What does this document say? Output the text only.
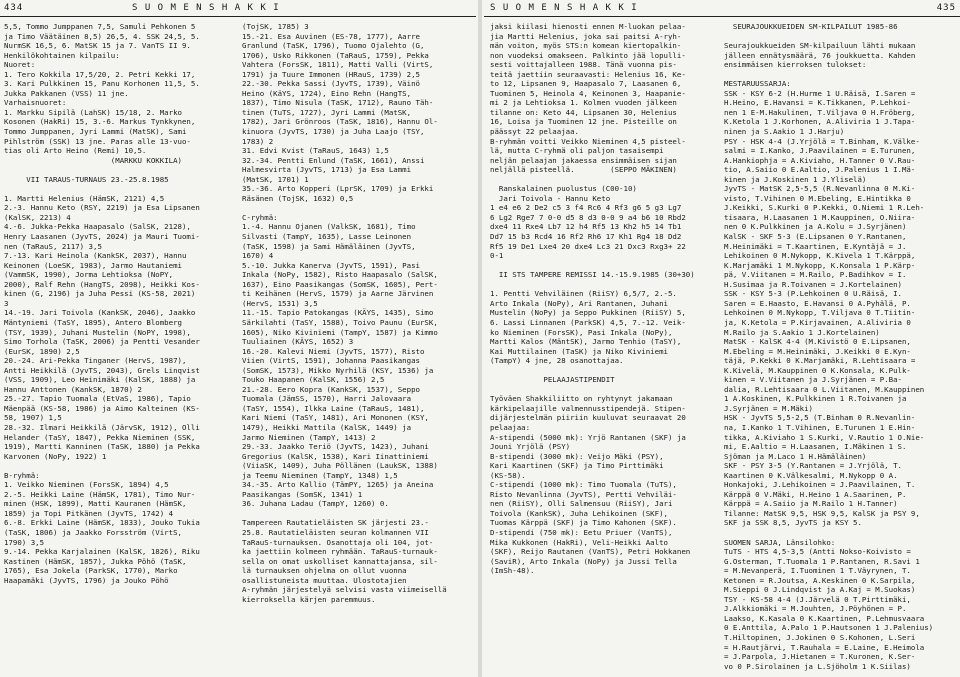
434	S U O M E N S H A K K I	S U O M E N S H A K K I	435

5,5, Tommo Jumppanen 7,5, Samuli Pehkonen 5

ja Timo Väätäinen 8,5) 26,5, 4. SSK 24,5, 5.

NurmSK 16,5, 6. MatSK 15 ja 7. VanTS II 9.

Henkilökohtainen kilpailu:

Nuoret:

1. Tero Kokkila 17,5/20, 2. Petri Kekki 17,

3. Kari Pulkkinen 15, Panu Korhonen 11,5, 5.

Jukka Pakkanen (VSS) 11 jne.

Varhaisnuoret:

1. Markku Sipilä (LahSK) 15/18, 2. Marko

Kosonen (HakRi) 15, 3.-6. Markus Tynkkynen,

Tommo Jumppanen, Jyri Lammi (MatSK), Sami

Pihlström (SSK) 13 jne. Paras alle 13-vuo-

tias oli Arto Heino (Remi) 10,5.

(MARKKU KOKKILA)

VII TARAUS-TURNAUS 23.-25.8.1985

1. Martti Helenius (HämSK, 2121) 4,5

2.-3. Hannu Keto (RSY, 2219) ja Esa Lipsanen

(KalSK, 2213) 4

4.-6. Jukka-Pekka Haapasalo (SalSK, 2128),

Henry Laasanen (JyvTS, 2024) ja Mauri Tuomi-

nen (TaRauS, 2117) 3,5

7.-13. Kari Heinola (KankSK, 2037), Hannu

Keinonen (LoeSK, 1983), Jarmo Hautaniemi

(VammSK, 1990), Jorma Lehtioksa (NoPY,

2000), Ralf Rehn (HangTS, 2098), Heikki Kos-

kinen (G, 2196) ja Juha Pessi (KS-58, 2021)

3

14.-19. Jari Toivola (KankSK, 2046), Jaakko

Mäntyniemi (TaSY, 1895), Antero Blomberg

(TSY, 1939), Juhani Mustelin (NoPY, 1998),

Simo Torhola (TaSK, 2006) ja Pentti Vesander

(EurSK, 1890) 2,5

20.-24. Ari-Pekka Tinganer (HervS, 1987),

Antti Heikkilä (JyvTS, 2043), Grels Linqvist

(VSS, 1909), Leo Heinimäki (KalSK, 1888) ja

Hannu Anttonen (KankSK, 1870) 2

25.-27. Tapio Tuomala (EtVaS, 1986), Tapio

Mäenpää (KS-58, 1986) ja Aimo Kalteinen (KS-

58, 1907) 1,5

28.-32. Ilmari Heikkilä (JärvSK, 1912), Olli

Helander (TaSY, 1847), Pekka Nieminen (SSK,

1919), Martti Kanninen (TaSK, 1880) ja Pekka

Karvonen (NoPy, 1922) 1

B-ryhmä:

1. Veikko Nieminen (ForsSK, 1894) 4,5

2.-5. Heikki Laine (HämSK, 1781), Timo Nur-

minen (HSK, 1899), Matti Kauranen (HämSK,

1859) ja Topi Pitkänen (JyvTS, 1742) 4

6.-8. Erkki Laine (HämSK, 1833), Jouko Tukia

(TaSK, 1806) ja Jaakko Forsström (VirtS,

1790) 3,5

9.-14. Pekka Karjalainen (KalSK, 1826), Riku

Kastinen (HämSK, 1857), Jukka Pöhö (TaSK,

1765), Esa Jokela (ParkSK, 1770), Marko

Haapamäki (JyvTS, 1796) ja Jouko Pöhö

(TojSK, 1785) 3

15.-21. Esa Auvinen (ES-78, 1777), Aarre

Granlund (TaSK, 1796), Tuomo Ojalehto (G,

1706), Usko Rikkonen (TaRauS, 1759), Pekka

Vahtera (ForsSK, 1811), Matti Valli (VirtS,

1791) ja Tuure Immonen (HRauS, 1739) 2,5

22.-30. Pekka Sassi (JyvTS, 1739), Väinö

Heino (KäYS, 1724), Eino Rehn (HangTS,

1837), Timo Nisula (TaSK, 1712), Rauno Täh-

tinen (TuTS, 1727), Jyri Lammi (MatSK,

1782), Jari Grönroos (TaSK, 1816), Hannu Ol-

kinuora (JyvTS, 1730) ja Juha Laajo (TSY,

1783) 2

31. Edvi Kvist (TaRauS, 1643) 1,5

32.-34. Pentti Enlund (TaSK, 1661), Anssi

Halmesvirta (JyvTS, 1713) ja Esa Lammi

(MatSK, 1701) 1

35.-36. Arto Kopperi (LprSK, 1709) ja Erkki

Räsänen (TojSK, 1632) 0,5

C-ryhmä:

1.-4. Hannu Ojanen (ValkSK, 1681), Timo

Silvasti (TampY, 1635), Lasse Leinonen

(TaSK, 1598) ja Sami Hämäläinen (JyvTS,

1670) 4

5.-10. Jukka Kanerva (JyvTS, 1591), Pasi

Inkala (NoPy, 1582), Risto Haapasalo (SalSK,

1637), Eino Paasikangas (SomSK, 1605), Pert-

ti Keihänen (HervS, 1579) ja Aarne Järvinen

(HervS, 1531) 3,5

11.-15. Tapio Patokangas (KÄYS, 1435), Simo

Särkilahti (TaSY, 1588), Toivo Paunu (EurSK,

1605), Niko Kiviniemi (TampY, 1587) ja Kimmo

Tuuliainen (KÄYS, 1652) 3

16.-20. Kalevi Niemi (JyvTS, 1577), Risto

Viien (VirtS, 1591), Johanna Paasikangas

(SomSK, 1573), Mikko Nyrhilä (KSY, 1536) ja

Touko Haapanen (KalSK, 1556) 2,5

21.-28. Eero Kopra (KankSK, 1537), Seppo

Tuomala (JämSS, 1570), Harri Jalovaara

(TaSY, 1554), Ilkka Laine (TaRauS, 1481),

Kari Niemi (TaSY, 1481), Ari Mononen (KSY,

1479), Heikki Mattila (KalSK, 1449) ja

Jarmo Nieminen (TampY, 1413) 2

29.-33. Jaakko Teriö (JyvTS, 1423), Juhani

Gregorius (KalSK, 1538), Kari Iinattiniemi

(ViiaSK, 1409), Juha Pöllänen (LaukSK, 1388)

ja Teemu Nieminen (TampY, 1348) 1,5

34.-35. Arto Kallio (TämPY, 1265) ja Aneina

Paasikangas (SomSK, 1341) 1

36. Juhana Ladau (TampY, 1260) 0.

Tampereen Rautatieläisten SK järjesti 23.-

25.8. Rautatieläisten seuran kolmannen VII

TaRauS-turnauksen. Osanottaja oli 104, jot-

ka jaettiin kolmeen ryhmään. TaRauS-turnauk-

sella on omat uskolliset kannattajansa, sil-

lä turnauksen ohjelma on ollut vuonna

osallistuneista muuttaa. Ulostotajien

A-ryhmän järjestelyä selvisi vasta viimeisellä

kierroksella kärjen paremmuus.

jaksi kiilasi hienosti ennen M-luokan pelaa-

jia Martti Helenius, joka sai paitsi A-ryh-

män voiton, myös STS:n komean kiertopalkin-

non vuodeksi omakseen. Palkinto jää lopulli-

sesti voittajalleen 1988. Tänä vuonna pis-

teitä jaettiin seuraavasti: Helenius 16, Ke-

to 12, Lipsanen 9, Haapasalo 7, Laasanen 6,

Tuominen 5, Heinola 4, Keinonen 3, Haapanie-

mi 2 ja Lehtioksa 1. Kolmen vuoden jälkeen

tilanne on: Keto 44, Lipsanen 30, Helenius

16, Loisa ja Tuominen 12 jne. Pisteille on

päässyt 22 pelaajaa.

B-ryhmän voitti Veikko Nieminen 4,5 pisteel-

lä, mutta C-ryhmä oli paljon tasaisempi

neljän pelaajan jakaessa ensimmäisen sijan

neljällä pisteellä.        (SEPPO MÄKINEN)

Ranskalainen puolustus (C00-10)

Jari Toivola - Hannu Keto

1 e4 e6 2 De2 c5 3 f4 Rc6 4 Rf3 g6 5 g3 Lg7

6 Lg2 Rge7 7 0-0 d5 8 d3 0-0 9 a4 b6 10 Rbd2

dxe4 11 Rxe4 Lb7 12 h4 Rf5 13 Kh2 h5 14 Tb1

Dd7 15 b3 Rcd4 16 Rf2 Rh6 17 Kh1 Rg4 18 Dd2

Rf5 19 De1 Lxe4 20 dxe4 Lc3 21 Dxc3 Rxg3+ 22

0-1

II STS TAMPERE REMISSI 14.-15.9.1985 (30+30)

1. Pentti Vehviläinen (RiiSY) 6,5/7, 2.-5.

Arto Inkala (NoPy), Ari Rantanen, Juhani

Mustelin (NoPy) ja Seppo Pukkinen (RiiSY) 5,

6. Lassi Linnanen (ParkSK) 4,5, 7.-12. Veik-

ko Nieminen (ForsSK), Pasi Inkala (NoPy),

Martti Kalos (MäntSK), Jarmo Tenhio (TaSY),

Kai Muttilainen (TaSK) ja Niko Kiviniemi

(TampY) 4 jne, 28 osanottajaa.

PELAAJASTIPENDIT

Työväen Shakkiliitto on ryhtynyt jakamaan

kärkipelaajille valmennusstipendejä. Stipen-

dijärjestelmän piiriin kuuluvat seuraavat 20

pelaajaa:

A-stipendi (5000 mk): Yrjö Rantanen (SKF) ja

Jouni Yrjölä (PSY)

B-stipendi (3000 mk): Veijo Mäki (PSY),

Kari Kaartinen (SKF) ja Timo Pirttimäki

(KS-58).

C-stipendi (1000 mk): Timo Tuomala (TuTS),

Risto Nevanlinna (JyvTS), Pertti Vehviläi-

nen (RiiSY), Olli Salmensuu (RiiSY), Jari

Toivola (KankSK), Juha Lehikoinen (SKF),

Tuomas Kärppä (SKF) ja Timo Kahonen (SKF).

D-stipendi (750 mk): Eetu Priuer (VanTS),

Mika Kukkonen (HakRi), Veli-Heikki Aalto

(SKF), Reijo Rautanen (VanTS), Petri Hokkanen

(SaviR), Arto Inkala (NoPy) ja Jussi Tella

(ImSh-48).

SEURAJOUKKUEIDEN SM-KILPAILUT 1985-86

Seurajoukkueiden SM-kilpailuun lähti mukaan

jälleen ennätysmäärä, 76 joukkuetta. Kahden

ensimmäisen kierroksen tulokset:

MESTARUUSSARJA:

SSK - KSY 6-2 (H.Hurme 1 U.Räisä, I.Saren =

H.Heino, E.Havansi = K.Tikkanen, P.Lehkoi-

nen 1 E-M.Hakulinen, T.Viljava 0 H.Fröberg,

K.Ketola 1 J.Korhonen, A.Aliviria 1 J.Tapa-

ninen ja S.Aakio 1 J.Harju)

PSY - HSK 4-4 (J.Yrjölä = T.Binham, K.Välke-

salmi = I.Kanko, J.Paavilainen = E.Turunen,

A.Hankiophja = A.Kiviaho, H.Tanner 0 V.Rau-

tio, A.Saiio 0 E.Aaltio, J.Palenius 1 I.Mä-

kinen ja J.Koskinen 1 J.Yliselä)

JyvTS - MatSK 2,5-5,5 (R.Nevanlinna 0 M.Ki-

visto, T.Vihinen 0 M.Ebeling, E.Hintikka 0

J.Keikki, S.Kurki 0 P.Kekki, O.Niemi 1 R.Leh-

tisaara, H.Laasanen 1 M.Kauppinen, O.Niira-

nen 0 K.Pulkkinen ja A.Kolu = J.Syrjänen)

KalSK - SKF 5-3 (E.Lipsanen 0 Y.Rantanen,

M.Heinimäki = T.Kaartinen, E.Kyntäjä = J.

Lehikoinen 0 M.Nykopp, K.Kivela 1 T.Kärppä,

K.Marjamäki 1 M.Nykopp, K.Konsala 1 P.Kärp-

pä, V.Viitanen = M.Railo, P.Badihkov = I.

H.Susimaa ja R.Toivanen = J.Kortelainen)

SSK - KSY 5-3 (P.Lehkoinen 0 U.Räisä, I.

Saren = E.Haasto, E.Havansi 0 A.Pyhälä, P.

Lehkoinen 0 M.Nykopp, T.Viljava 0 T.Tiitin-

ja, K.Ketola = P.Kirjavainen, A.Aliviria 0

M.Railo ja S.Aakio 1 J.Kortelainen)

MatSK - KalSK 4-4 (M.Kivistö 0 E.Lipsanen,

M.Ebeling = M.Heinimäki, J.Keikki 0 E.Kyn-

täjä, P.Kekki 0 K.Marjamäki, R.Lehtisaara =

K.Kivelä, M.Kauppinen 0 K.Konsala, K.Pulk-

kinen = V.Viitanen ja J.Syrjänen = P.Ba-

dalia, R.Lehtisaara 0 L.Viitanen, M.Kauppinen

1 A.Koskinen, K.Pulkkinen 1 R.Toivanen ja

J.Syrjänen = M.Mäki)

HSK - JyvTS 5,5-2,5 (T.Binham 0 R.Nevanlin-

na, I.Kanko 1 T.Vihinen, E.Turunen 1 E.Hin-

tikka, A.Kiviaho 1 S.Kurki, V.Rautio 1 O.Nie-

mi, E.Aaltio = H.Laasanen, I.Mäkinen 1 S.

Sjöman ja M.Laco 1 H.Hämäläinen)

SKF - PSY 3-5 (Y.Rantanen = J.Yrjölä, T.

Kaartinen 0 K.Välkesalmi, M.Nykopp 0 A.

Honkajoki, J.Lehikoinen = J.Paavilainen, T.

Kärppä 0 V.Mäki, H.Heino 1 A.Saarinen, P.

Kärppä = A.Saiio ja M.Railo 1 H.Tanner)

Tilanne: MatSK 9,5, HSK 9,5, KalSK ja PSY 9,

SKF ja SSK 8,5, JyvTS ja KSY 5.

SUOMEN SARJA, Länsilohko:

TuTS - HTS 4,5-3,5 (Antti Nokso-Koivisto =

G.Osterman, T.Tuomala 1 P.Rantanen, R.Savi 1

= M.Nevanperä, I.Tuominen 1 T.Väyrynen, T.

Ketonen = R.Joutsa, A.Keskinen 0 K.Sarpila,

M.Sieppi 0 J.Lindqvist ja A.Kaj = M.Suokas)

TSY - KS-58 4-4 (J.Järvelä 0 T.Pirttimäki,

J.Alkkiomäki = M.Jouhten, J.Pöyhönen = P.

Laakso, K.Kasala 0 K.Kaartinen, P.Lehmusvaara

0 E.Anttila, A.Palo 1 P.Hautsonen 1 J.Palenius)

T.Hiltopinen, J.Jokinen 0 S.Kohonen, L.Seri

= H.Rautjärvi, T.Rauhala = E.Laine, E.Heimola

= J.Parpola, J.Hietanen = T.Kuronen, K.Ser-

vo 0 P.Sirolainen ja L.Sjöholm 1 K.Siilas)
